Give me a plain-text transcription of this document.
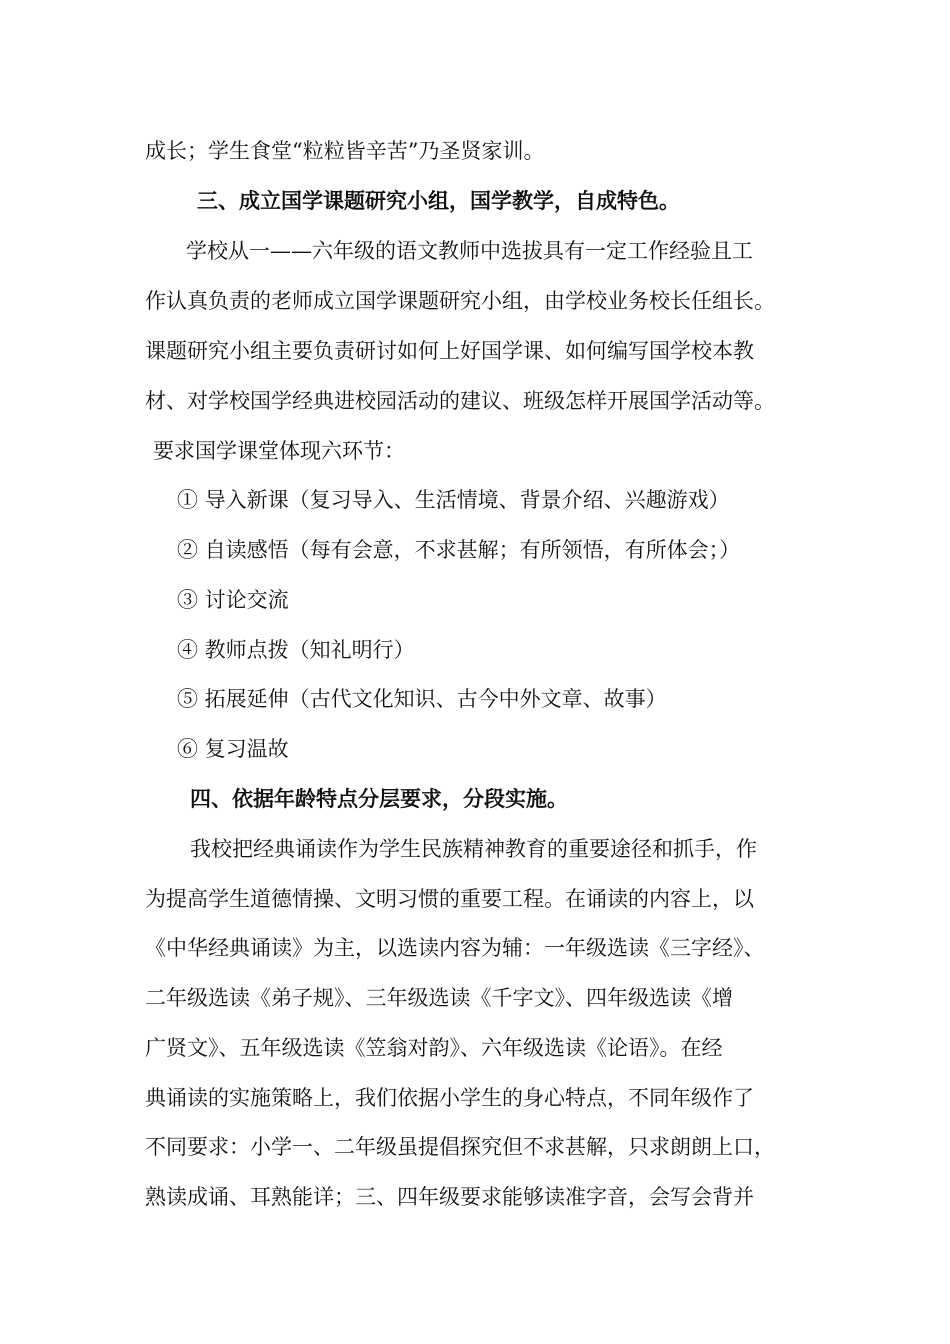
成长；学生食堂“粒粒皆辛苦”乃圣贤家训。
三、成立国学课题研究小组，国学教学，自成特色。
学校从一——六年级的语文教师中选拔具有一定工作经验且工
作认真负责的老师成立国学课题研究小组，由学校业务校长任组长。
课题研究小组主要负责研讨如何上好国学课、如何编写国学校本教
材、对学校国学经典进校园活动的建议、班级怎样开展国学活动等。
要求国学课堂体现六环节：
① 导入新课（复习导入、生活情境、背景介绍、兴趣游戏）
② 自读感悟（每有会意，不求甚解；有所领悟，有所体会；）
③ 讨论交流
④ 教师点拨（知礼明行）
⑤ 拓展延伸（古代文化知识、古今中外文章、故事）
⑥ 复习温故
四、依据年龄特点分层要求，分段实施。
我校把经典诵读作为学生民族精神教育的重要途径和抓手，作
为提高学生道德情操、文明习惯的重要工程。在诵读的内容上，以
《中华经典诵读》为主，以选读内容为辅：一年级选读《三字经》、
二年级选读《弟子规》、三年级选读《千字文》、四年级选读《增
广贤文》、五年级选读《笠翁对韵》、六年级选读《论语》。在经
典诵读的实施策略上，我们依据小学生的身心特点，不同年级作了
不同要求：小学一、二年级虽提倡探究但不求甚解，只求朗朗上口，
熟读成诵、耳熟能详；三、四年级要求能够读准字音，会写会背并
